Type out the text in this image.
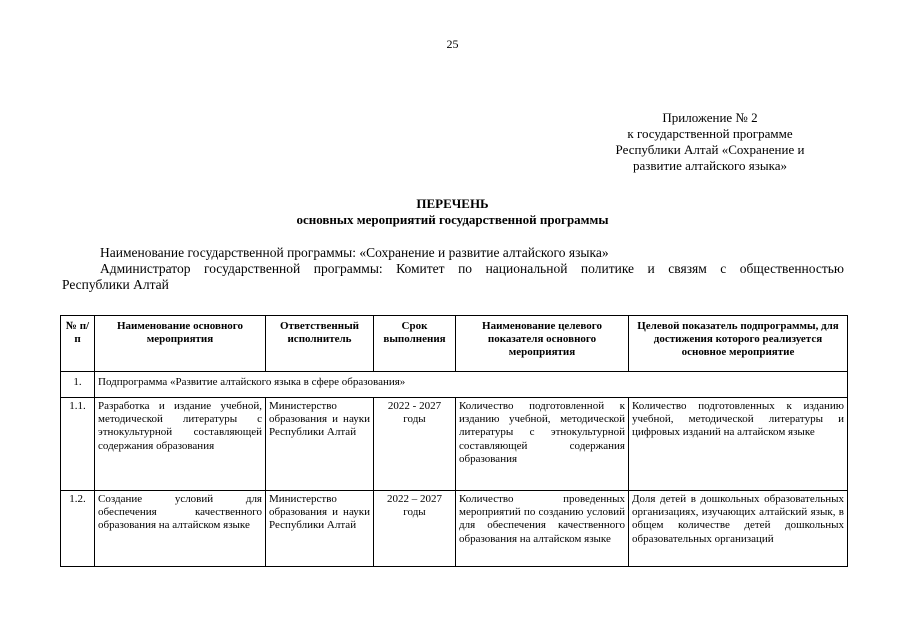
25
Приложение № 2
к государственной программе
Республики Алтай «Сохранение и
развитие алтайского языка»
ПЕРЕЧЕНЬ
основных мероприятий государственной программы
Наименование государственной программы: «Сохранение и развитие алтайского языка»
Администратор государственной программы: Комитет по национальной политике и связям с общественностью
Республики Алтай
№ п/п	Наименование основного мероприятия	Ответственный исполнитель	Срок выполнения	Наименование целевого показателя основного мероприятия	Целевой показатель подпрограммы, для достижения которого реализуется основное мероприятие
1.	Подпрограмма «Развитие алтайского языка в сфере образования»				
1.1.	Разработка и издание учебной, методической литературы с этнокультурной составляющей содержания образования	Министерство образования и науки Республики Алтай	2022 - 2027 годы	Количество подготовленной к изданию учебной, методической литературы с этнокультурной составляющей содержания образования	Количество подготовленных к изданию учебной, методической литературы и цифровых изданий на алтайском языке
1.2.	Создание условий для обеспечения качественного образования на алтайском языке	Министерство образования и науки Республики Алтай	2022 – 2027 годы	Количество проведенных мероприятий по созданию условий для обеспечения качественного образования на алтайском языке	Доля детей в дошкольных образовательных организациях, изучающих алтайский язык, в общем количестве детей дошкольных образовательных организаций
